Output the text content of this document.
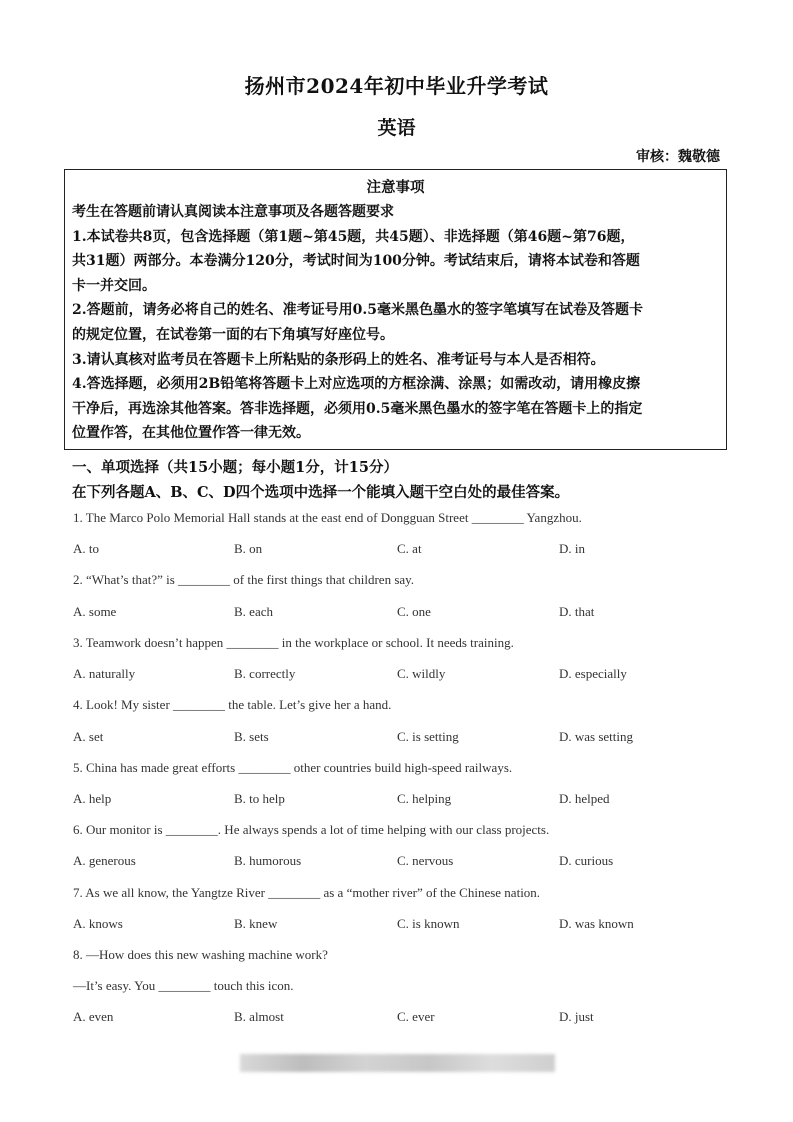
扬州市2024年初中毕业升学考试
英语
审核：魏敬德
注意事项
考生在答题前请认真阅读本注意事项及各题答题要求
1.本试卷共8页，包含选择题（第1题~第45题，共45题）、非选择题（第46题~第76题，
共31题）两部分。本卷满分120分，考试时间为100分钟。考试结束后，请将本试卷和答题
卡一并交回。
2.答题前，请务必将自己的姓名、准考证号用0.5毫米黑色墨水的签字笔填写在试卷及答题卡
的规定位置，在试卷第一面的右下角填写好座位号。
3.请认真核对监考员在答题卡上所粘贴的条形码上的姓名、准考证号与本人是否相符。
4.答选择题，必须用2B铅笔将答题卡上对应选项的方框涂满、涂黑；如需改动，请用橡皮擦
干净后，再选涂其他答案。答非选择题，必须用0.5毫米黑色墨水的签字笔在答题卡上的指定
位置作答，在其他位置作答一律无效。
一、单项选择（共15小题；每小题1分，计15分）
在下列各题A、B、C、D四个选项中选择一个能填入题干空白处的最佳答案。
1. The Marco Polo Memorial Hall stands at the east end of Dongguan Street ________ Yangzhou.
A. to	B. on	C. at	D. in
2. “What’s that?” is ________ of the first things that children say.
A. some	B. each	C. one	D. that
3. Teamwork doesn’t happen ________ in the workplace or school. It needs training.
A. naturally	B. correctly	C. wildly	D. especially
4. Look! My sister ________ the table. Let’s give her a hand.
A. set	B. sets	C. is setting	D. was setting
5. China has made great efforts ________ other countries build high-speed railways.
A. help	B. to help	C. helping	D. helped
6. Our monitor is ________. He always spends a lot of time helping with our class projects.
A. generous	B. humorous	C. nervous	D. curious
7. As we all know, the Yangtze River ________ as a “mother river” of the Chinese nation.
A. knows	B. knew	C. is known	D. was known
8. —How does this new washing machine work?
—It’s easy. You ________ touch this icon.
A. even	B. almost	C. ever	D. just
